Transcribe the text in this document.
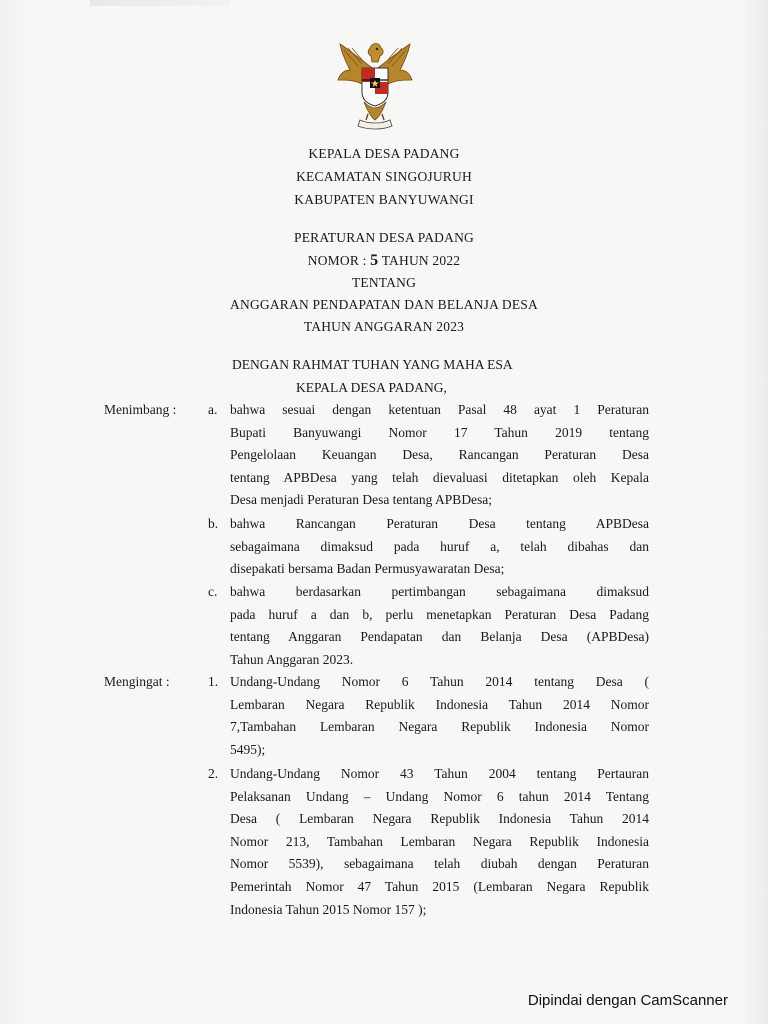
KEPALA DESA PADANG
KECAMATAN SINGOJURUH
KABUPATEN BANYUWANGI
PERATURAN DESA PADANG
NOMOR : 5 TAHUN 2022
TENTANG
ANGGARAN PENDAPATAN DAN BELANJA DESA
TAHUN ANGGARAN 2023
DENGAN RAHMAT TUHAN YANG MAHA ESA
KEPALA DESA PADANG,
Menimbang : a. bahwa sesuai dengan ketentuan Pasal 48 ayat 1 Peraturan
Bupati Banyuwangi Nomor 17 Tahun 2019 tentang
Pengelolaan Keuangan Desa, Rancangan Peraturan Desa
tentang APBDesa yang telah dievaluasi ditetapkan oleh Kepala
Desa menjadi Peraturan Desa tentang APBDesa;
b. bahwa Rancangan Peraturan Desa tentang APBDesa
sebagaimana dimaksud pada huruf a, telah dibahas dan
disepakati bersama Badan Permusyawaratan Desa;
c. bahwa berdasarkan pertimbangan sebagaimana dimaksud
pada huruf a dan b, perlu menetapkan Peraturan Desa Padang
tentang Anggaran Pendapatan dan Belanja Desa (APBDesa)
Tahun Anggaran 2023.
Mengingat :	1. Undang-Undang Nomor 6 Tahun 2014 tentang Desa (
Lembaran Negara Republik Indonesia Tahun 2014 Nomor
7,Tambahan Lembaran Negara Republik Indonesia Nomor
5495);
2. Undang-Undang Nomor 43 Tahun 2004 tentang Pertauran
Pelaksanan Undang – Undang Nomor 6 tahun 2014 Tentang
Desa ( Lembaran Negara Republik Indonesia Tahun 2014
Nomor 213, Tambahan Lembaran Negara Republik Indonesia
Nomor 5539), sebagaimana telah diubah dengan Peraturan
Pemerintah Nomor 47 Tahun 2015 (Lembaran Negara Republik
Indonesia Tahun 2015 Nomor 157 );
Dipindai dengan CamScanner
